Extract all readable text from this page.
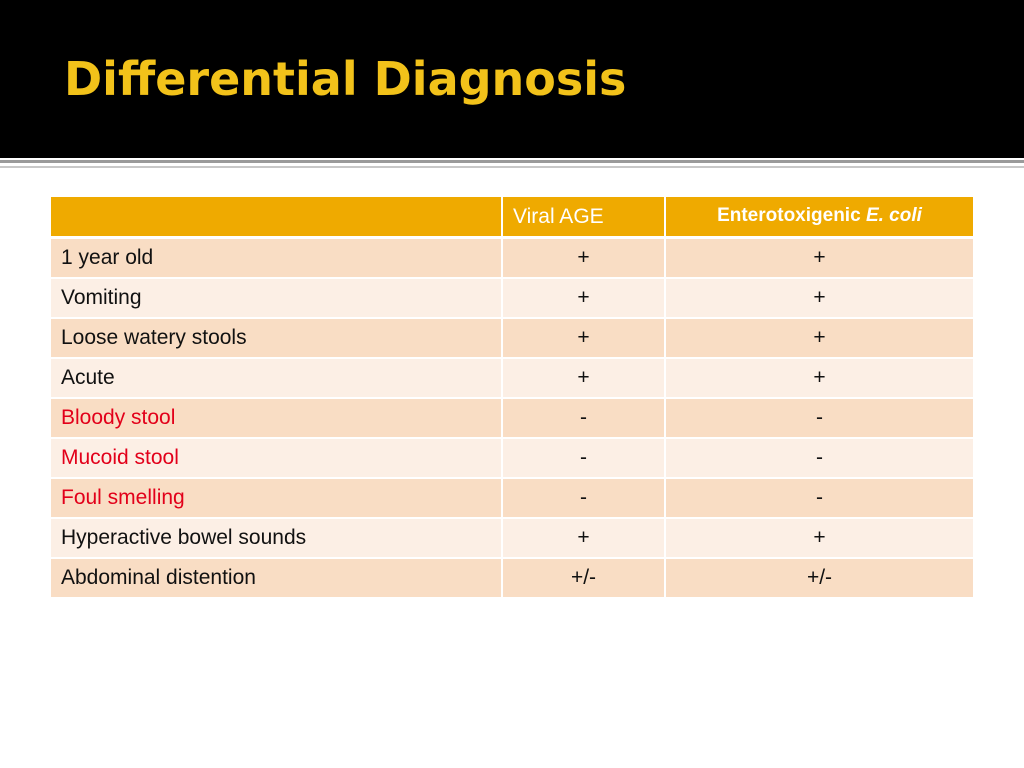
Differential Diagnosis
	Viral AGE	Enterotoxigenic E. coli
1 year old	+	+
Vomiting	+	+
Loose watery stools	+	+
Acute	+	+
Bloody stool	-	-
Mucoid stool	-	-
Foul smelling	-	-
Hyperactive bowel sounds	+	+
Abdominal distention	+/-	+/-
